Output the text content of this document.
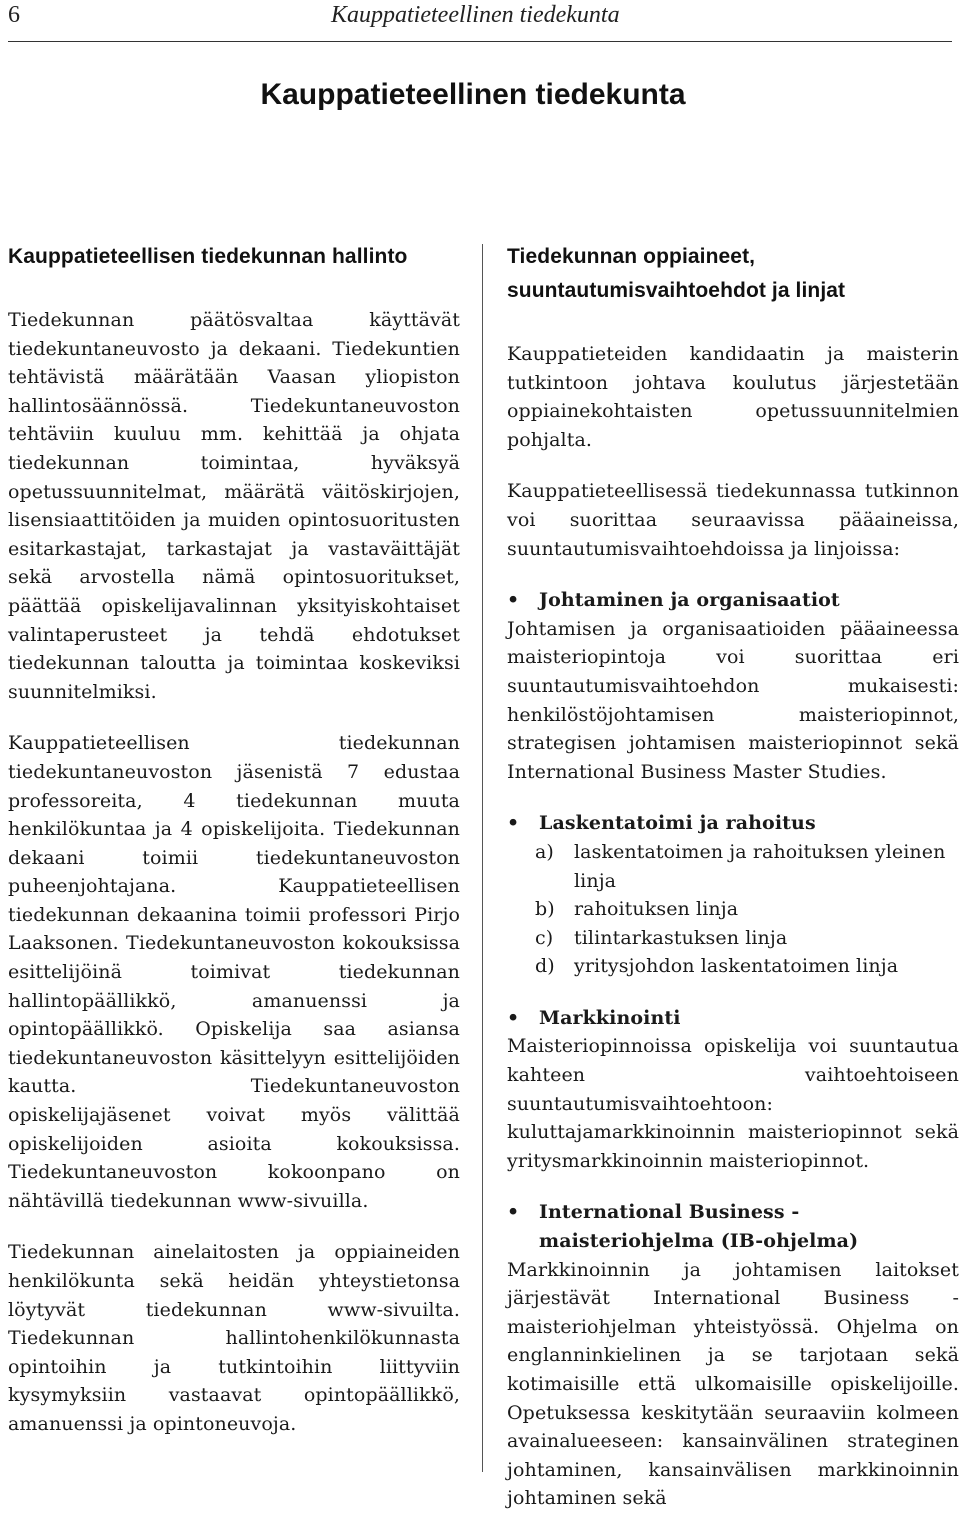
6	Kauppatieteellinen tiedekunta
Kauppatieteellinen tiedekunta
Kauppatieteellisen tiedekunnan hallinto

Tiedekunnan päätösvaltaa käyttävät tiedekuntaneuvosto ja dekaani. Tiedekuntien tehtävistä määrätään Vaasan yliopiston hallintosäännössä. Tiedekuntaneuvoston tehtäviin kuuluu mm. kehittää ja ohjata tiedekunnan toimintaa, hyväksyä opetussuunnitelmat, määrätä väitöskirjojen, lisensiaattitöiden ja muiden opintosuoritusten esitarkastajat, tarkastajat ja vastaväittäjät sekä arvostella nämä opintosuoritukset, päättää opiskelijavalinnan yksityiskohtaiset valintaperusteet ja tehdä ehdotukset tiedekunnan taloutta ja toimintaa koskeviksi suunnitelmiksi.

Kauppatieteellisen tiedekunnan tiedekuntaneuvoston jäsenistä 7 edustaa professoreita, 4 tiedekunnan muuta henkilökuntaa ja 4 opiskelijoita. Tiedekunnan dekaani toimii tiedekuntaneuvoston puheenjohtajana. Kauppatieteellisen tiedekunnan dekaanina toimii professori Pirjo Laaksonen. Tiedekuntaneuvoston kokouksissa esittelijöinä toimivat tiedekunnan hallintopäällikkö, amanuenssi ja opintopäällikkö. Opiskelija saa asiansa tiedekuntaneuvoston käsittelyyn esittelijöiden kautta. Tiedekuntaneuvoston opiskelijajäsenet voivat myös välittää opiskelijoiden asioita kokouksissa. Tiedekuntaneuvoston kokoonpano on nähtävillä tiedekunnan www-sivuilla.

Tiedekunnan ainelaitosten ja oppiaineiden henkilökunta sekä heidän yhteystietonsa löytyvät tiedekunnan www-sivuilta. Tiedekunnan hallintohenkilökunnasta opintoihin ja tutkintoihin liittyviin kysymyksiin vastaavat opintopäällikkö, amanuenssi ja opintoneuvoja.

Tiedekunnan oppiaineet, suuntautumisvaihtoehdot ja linjat

Kauppatieteiden kandidaatin ja maisterin tutkintoon johtava koulutus järjestetään oppiainekohtaisten opetussuunnitelmien pohjalta.

Kauppatieteellisessä tiedekunnassa tutkinnon voi suorittaa seuraavissa pääaineissa, suuntautumisvaihtoehdoissa ja linjoissa:

•	Johtaminen ja organisaatiot
Johtamisen ja organisaatioiden pääaineessa maisteriopintoja voi suorittaa eri suuntautumisvaihtoehdon mukaisesti: henkilöstöjohtamisen maisteriopinnot, strategisen johtamisen maisteriopinnot sekä International Business Master Studies.
•	Laskentatoimi ja rahoitus
a) laskentatoimen ja rahoituksen yleinen linja
b) rahoituksen linja
c) tilintarkastuksen linja
d) yritysjohdon laskentatoimen linja
•	Markkinointi
Maisteriopinnoissa opiskelija voi suuntautua kahteen vaihtoehtoiseen suuntautumisvaihtoehtoon: kuluttajamarkkinoinnin maisteriopinnot sekä yritysmarkkinoinnin maisteriopinnot.
•	International Business -maisteriohjelma (IB-ohjelma)
Markkinoinnin ja johtamisen laitokset järjestävät International Business -maisteriohjelman yhteistyössä. Ohjelma on englanninkielinen ja se tarjotaan sekä kotimaisille että ulkomaisille opiskelijoille. Opetuksessa keskitytään seuraaviin kolmeen avainalueeseen: kansainvälinen strateginen johtaminen, kansainvälisen markkinoinnin johtaminen sekä
